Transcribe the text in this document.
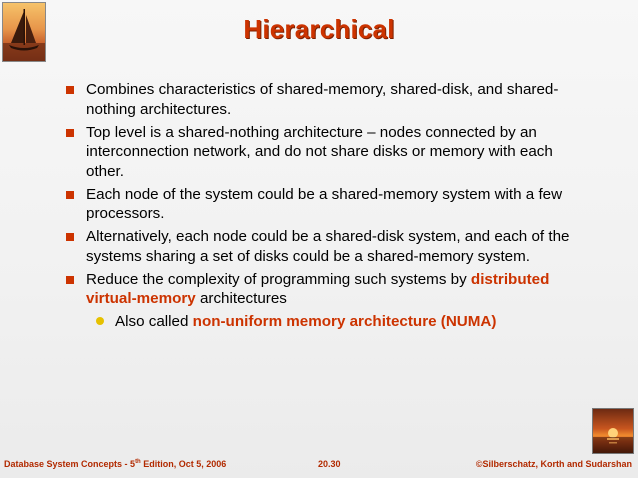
Hierarchical
Combines characteristics of shared-memory, shared-disk, and shared-nothing architectures.
Top level is a shared-nothing architecture – nodes connected by an interconnection network, and do not share disks or memory with each other.
Each node of the system could be a shared-memory system with a few processors.
Alternatively, each node could be a shared-disk system, and each of the systems sharing a set of disks could be a shared-memory system.
Reduce the complexity of programming such systems by distributed virtual-memory architectures
Also called non-uniform memory architecture (NUMA)
Database System Concepts - 5th Edition, Oct 5, 2006	20.30	©Silberschatz, Korth and Sudarshan
